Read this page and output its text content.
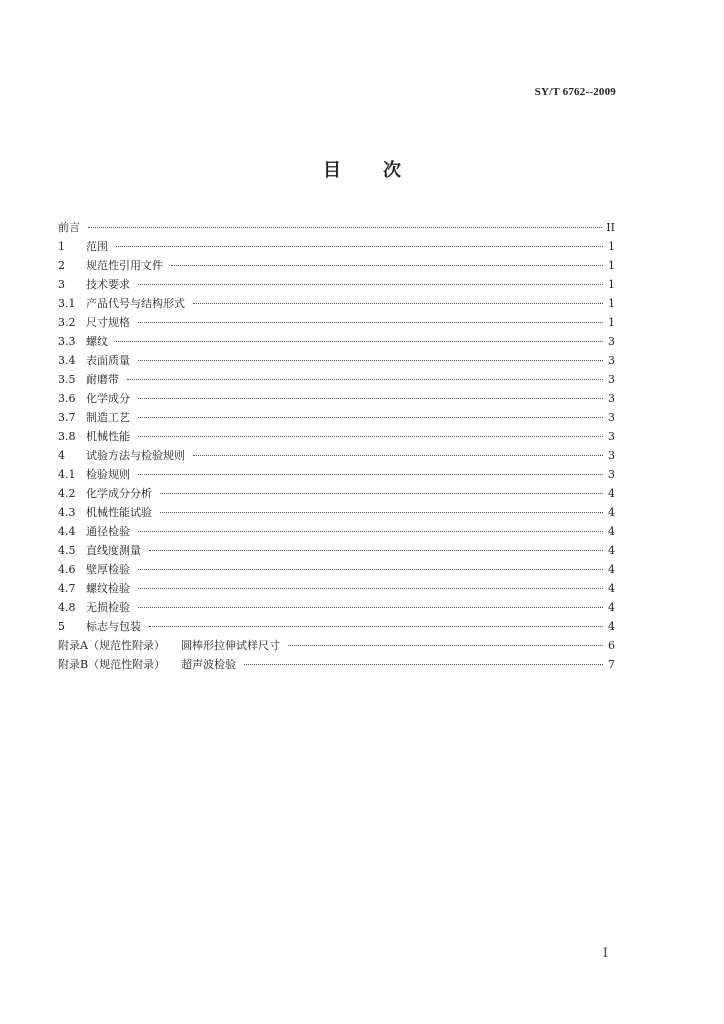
SY/T 6762--2009
目次
前言	II
1	范围	1
2	规范性引用文件	1
3	技术要求	1
3.1 产品代号与结构形式	1
3.2 尺寸规格	1
3.3 螺纹	3
3.4 表面质量	3
3.5 耐磨带	3
3.6 化学成分	3
3.7 制造工艺	3
3.8 机械性能	3
4	试验方法与检验规则	3
4.1 检验规则	3
4.2 化学成分分析	4
4.3 机械性能试验	4
4.4 通径检验	4
4.5 直线度测量	4
4.6 壁厚检验	4
4.7 螺纹检验	4
4.8 无损检验	4
5	标志与包装	4
附录A（规范性附录）	圆棒形拉伸试样尺寸	6
附录B（规范性附录）	超声波检验	7
I
